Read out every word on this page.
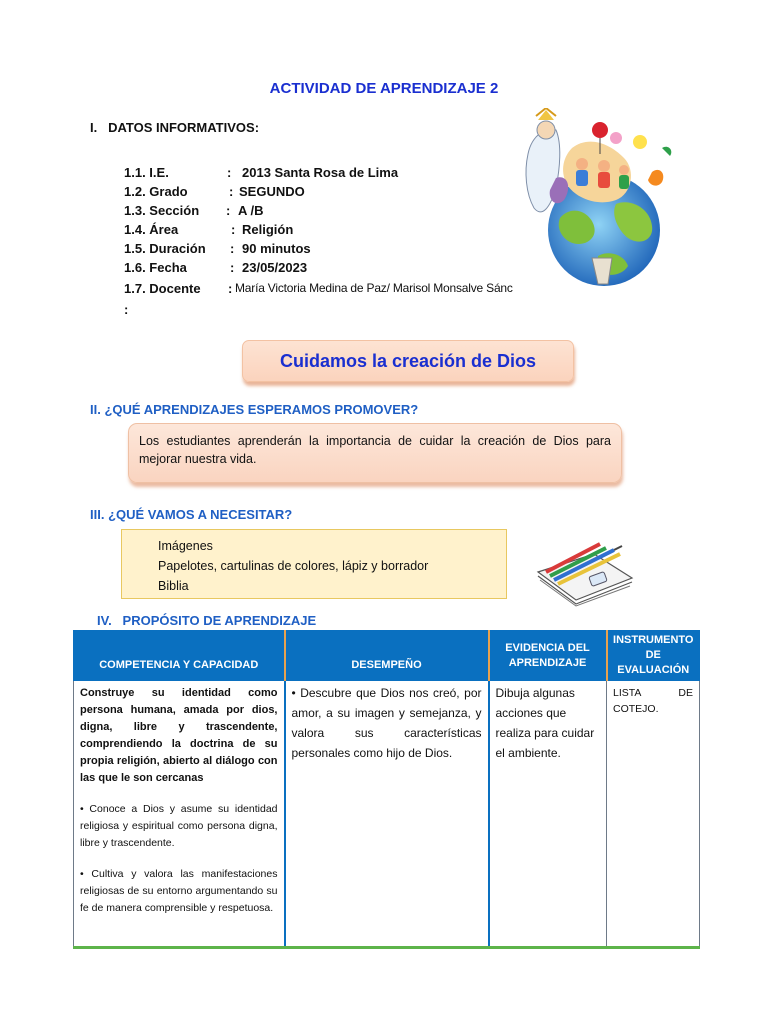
ACTIVIDAD DE APRENDIZAJE 2
I. DATOS INFORMATIVOS:
1.1. I.E.	: 2013 Santa Rosa de Lima
1.2. Grado	: SEGUNDO
1.3. Sección : A /B
1.4. Área	: Religión
1.5. Duración : 90 minutos
1.6. Fecha	: 23/05/2023
1.7. Docente : María Victoria Medina de Paz/ Marisol Monsalve Sánc
:
Cuidamos la creación de Dios
II. ¿QUÉ APRENDIZAJES ESPERAMOS PROMOVER?
Los estudiantes aprenderán la importancia de cuidar la creación de Dios para mejorar nuestra vida.
III. ¿QUÉ VAMOS A NECESITAR?
Imágenes
Papelotes, cartulinas de colores, lápiz y borrador
Biblia
IV. PROPÓSITO DE APRENDIZAJE
COMPETENCIA Y CAPACIDAD	DESEMPEÑO	EVIDENCIA DEL APRENDIZAJE	INSTRUMENTO DE EVALUACIÓN

Construye su identidad como persona humana, amada por dios, digna, libre y trascendente, comprendiendo la doctrina de su propia religión, abierto al diálogo con las que le son cercanas
• Conoce a Dios y asume su identidad religiosa y espiritual como persona digna, libre y trascendente.
• Cultiva y valora las manifestaciones religiosas de su entorno argumentando su fe de manera comprensible y respetuosa.	• Descubre que Dios nos creó, por amor, a su imagen y semejanza, y valora sus características personales como hijo de Dios.	Dibuja algunas acciones que realiza para cuidar el ambiente.	LISTA DE COTEJO.
